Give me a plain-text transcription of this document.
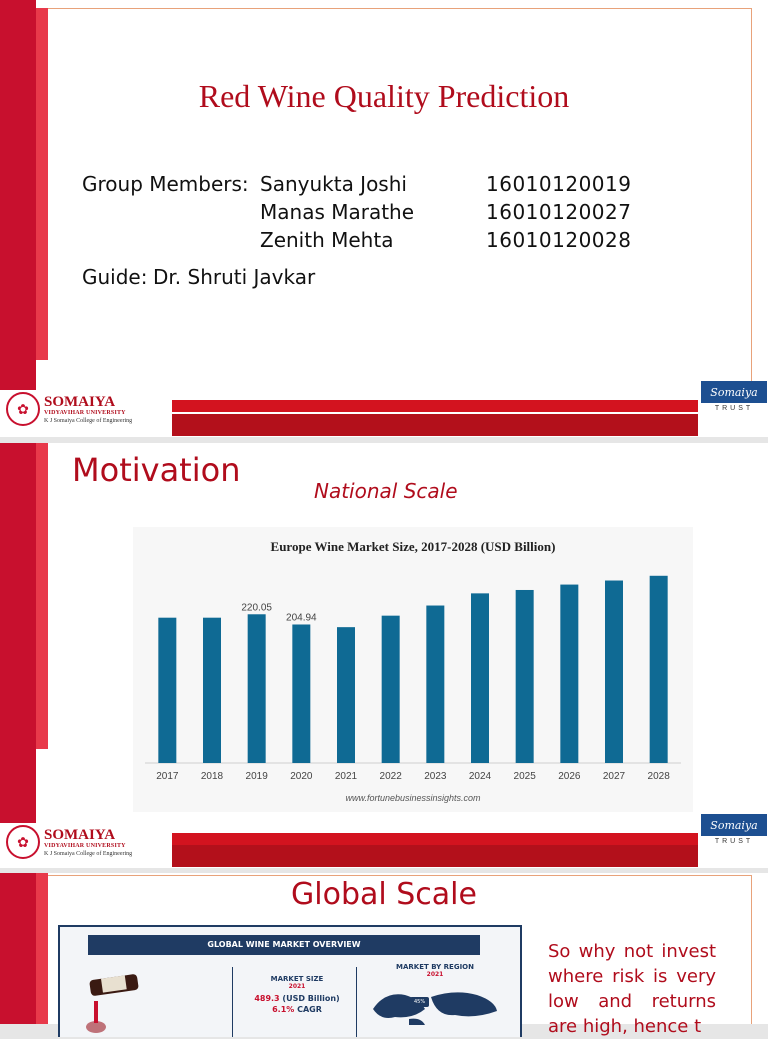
Red Wine Quality Prediction
Group Members: Sanyukta Joshi
Manas Marathe
Zenith Mehta
16010120019
16010120027
16010120028
Guide: Dr. Shruti Javkar
✿	SOMAIYA
VIDYAVIHAR UNIVERSITY
K J Somaiya College of Engineering
Somaiya
TRUST
Motivation
National Scale
Europe Wine Market Size, 2017-2028 (USD Billion)
2017 2018 2019
220.05
2020
204.94
2021 2022 2023 2024 2025 2026 2027 2028
www.fortunebusinessinsights.com
✿	SOMAIYA
VIDYAVIHAR UNIVERSITY
K J Somaiya College of Engineering
Somaiya
TRUST
Global Scale
GLOBAL WINE MARKET OVERVIEW
MARKET SIZE
2021
489.3 (USD Billion)
6.1% CAGR
MARKET BY REGION
2021
45%
So why not invest where risk is very low and returns are high, hence t
